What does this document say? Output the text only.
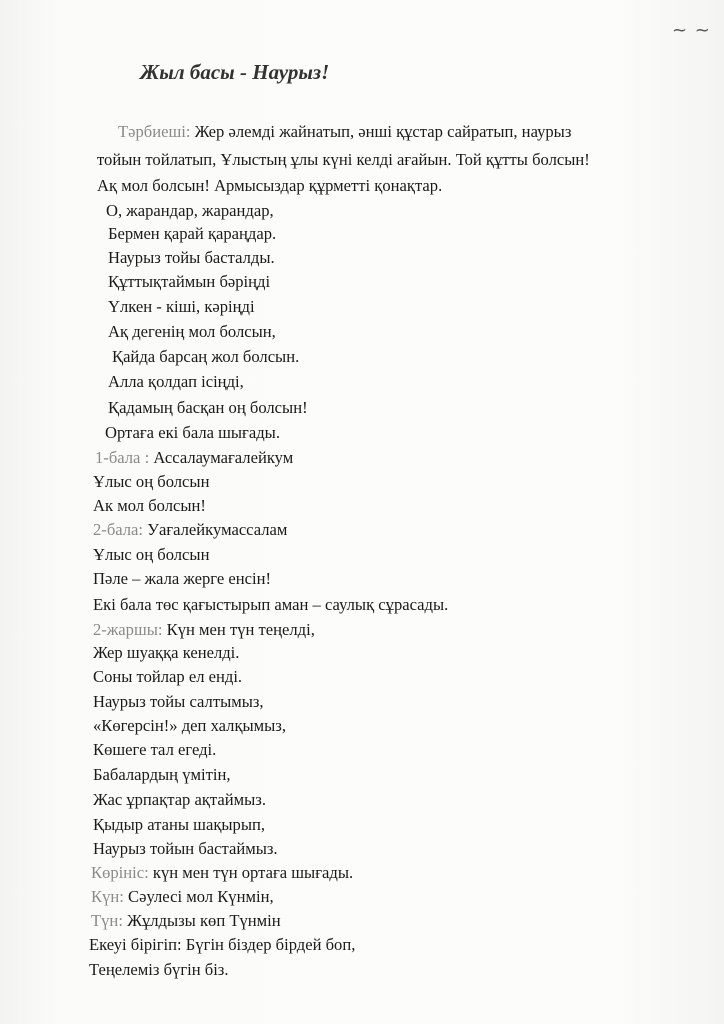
~ ~
Жыл басы - Наурыз!
Тәрбиеші: Жер әлемді жайнатып, әнші құстар сайратып, наурыз
тойын тойлатып, Ұлыстың ұлы күні келді ағайын. Той құтты болсын!
Ақ мол болсын! Армысыздар құрметті қонақтар.
О, жарандар, жарандар,
Бермен қарай қараңдар.
Наурыз тойы басталды.
Құттықтаймын бәріңді
Үлкен - кіші, кәріңді
Ақ дегенің мол болсын,
Қайда барсаң жол болсын.
Алла қолдап ісіңді,
Қадамың басқан оң болсын!
Ортаға екі бала шығады.
1-бала : Ассалаумағалейкум
Ұлыс оң болсын
Ак мол болсын!
2-бала: Уағалейкумассалам
Ұлыс оң болсын
Пәле – жала жерге енсін!
Екі бала төс қағыстырып аман – саулық сұрасады.
2-жаршы: Күн мен түн теңелді,
Жер шуаққа кенелді.
Соны тойлар ел енді.
Наурыз тойы салтымыз,
«Көгерсін!» деп халқымыз,
Көшеге тал егеді.
Бабалардың үмітін,
Жас ұрпақтар ақтаймыз.
Қыдыр атаны шақырып,
Наурыз тойын бастаймыз.
Көрініс: күн мен түн ортаға шығады.
Күн: Сәулесі мол Күнмін,
Түн: Жұлдызы көп Түнмін
Екеуі бірігіп: Бүгін біздер бірдей боп,
Теңелеміз бүгін біз.
